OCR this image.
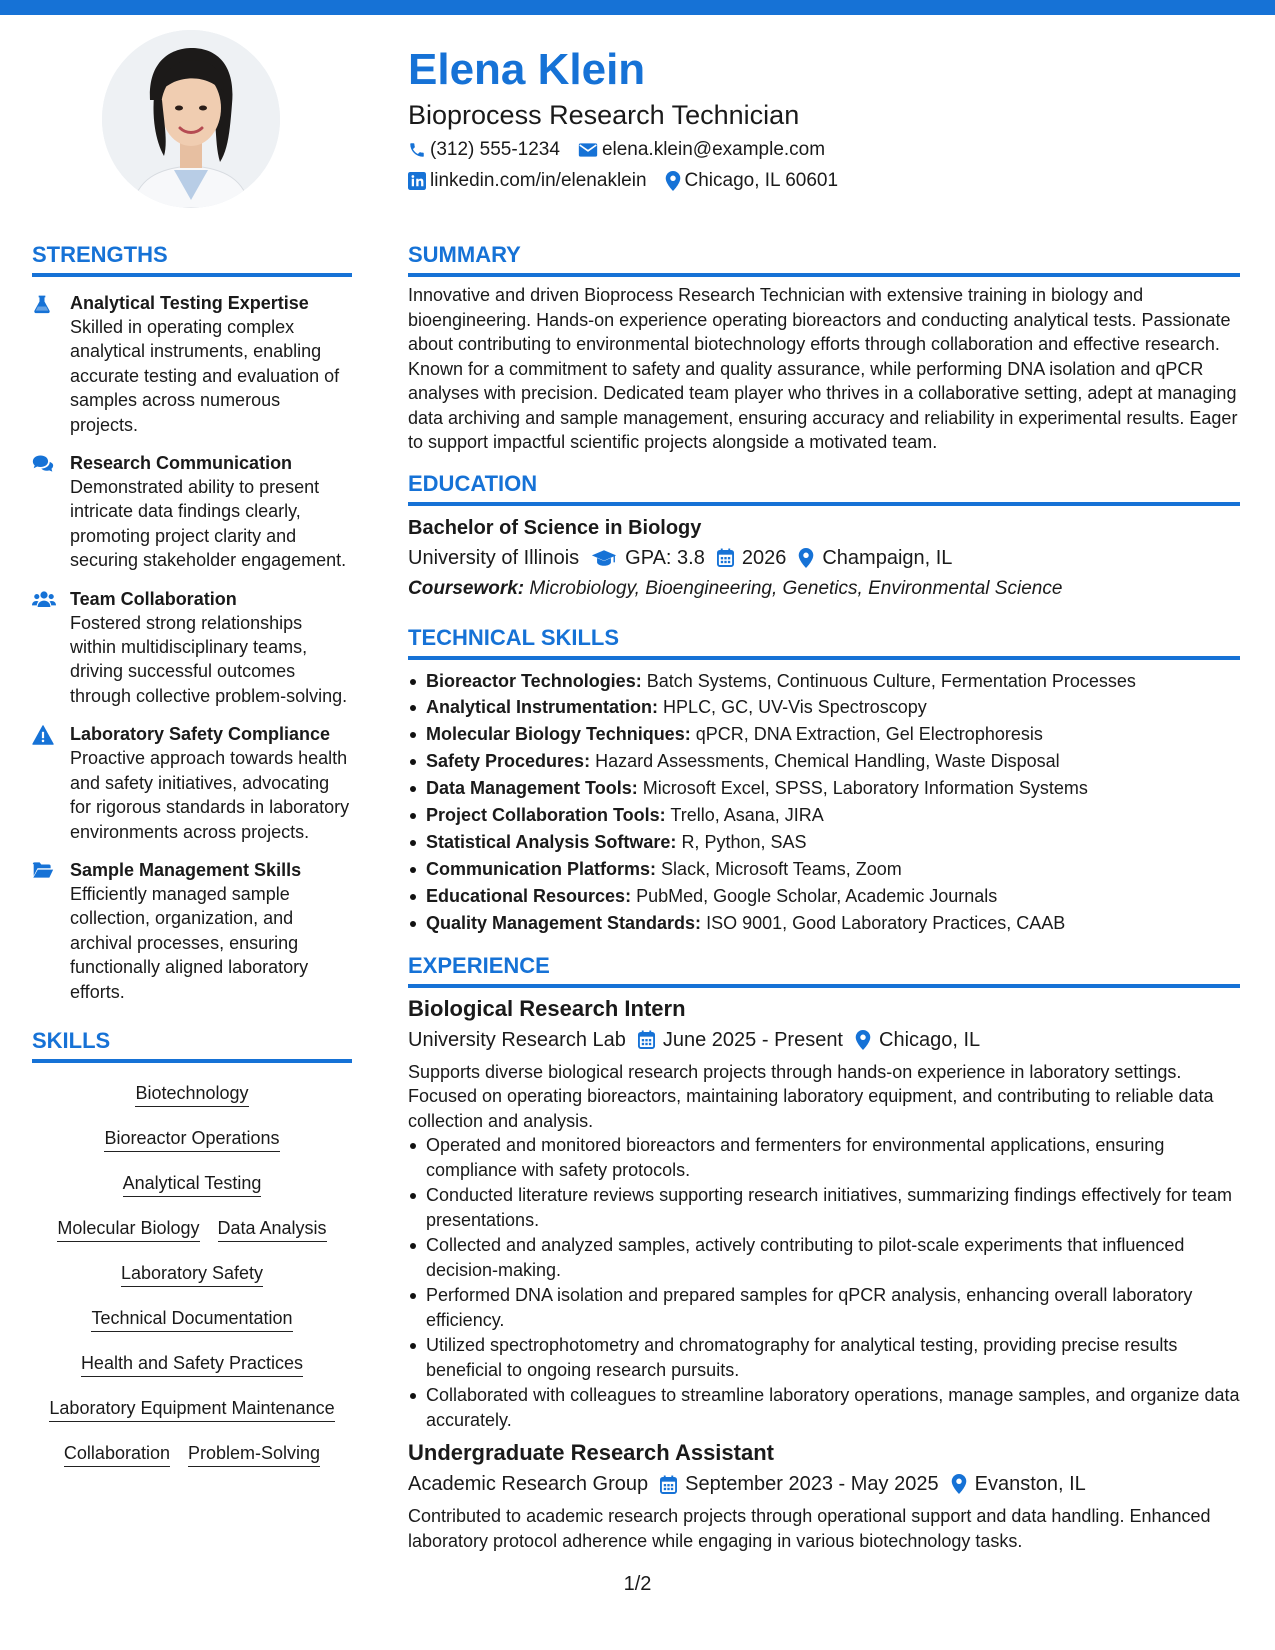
Elena Klein
Bioprocess Research Technician
(312) 555-1234 elena.klein@example.com
linkedin.com/in/elenaklein Chicago, IL 60601
STRENGTHS
Analytical Testing Expertise
Skilled in operating complex analytical instruments, enabling accurate testing and evaluation of samples across numerous projects.
Research Communication
Demonstrated ability to present intricate data findings clearly, promoting project clarity and securing stakeholder engagement.
Team Collaboration
Fostered strong relationships within multidisciplinary teams, driving successful outcomes through collective problem-solving.
Laboratory Safety Compliance
Proactive approach towards health and safety initiatives, advocating for rigorous standards in laboratory environments across projects.
Sample Management Skills
Efficiently managed sample collection, organization, and archival processes, ensuring functionally aligned laboratory efforts.
SKILLS
Biotechnology
Bioreactor Operations
Analytical Testing
Molecular Biology Data Analysis
Laboratory Safety
Technical Documentation
Health and Safety Practices
Laboratory Equipment Maintenance
Collaboration Problem-Solving
SUMMARY
Innovative and driven Bioprocess Research Technician with extensive training in biology and bioengineering. Hands-on experience operating bioreactors and conducting analytical tests. Passionate about contributing to environmental biotechnology efforts through collaboration and effective research. Known for a commitment to safety and quality assurance, while performing DNA isolation and qPCR analyses with precision. Dedicated team player who thrives in a collaborative setting, adept at managing data archiving and sample management, ensuring accuracy and reliability in experimental results. Eager to support impactful scientific projects alongside a motivated team.
EDUCATION
Bachelor of Science in Biology
University of Illinois GPA: 3.8 2026 Champaign, IL
Coursework: Microbiology, Bioengineering, Genetics, Environmental Science
TECHNICAL SKILLS
Bioreactor Technologies: Batch Systems, Continuous Culture, Fermentation Processes
Analytical Instrumentation: HPLC, GC, UV-Vis Spectroscopy
Molecular Biology Techniques: qPCR, DNA Extraction, Gel Electrophoresis
Safety Procedures: Hazard Assessments, Chemical Handling, Waste Disposal
Data Management Tools: Microsoft Excel, SPSS, Laboratory Information Systems
Project Collaboration Tools: Trello, Asana, JIRA
Statistical Analysis Software: R, Python, SAS
Communication Platforms: Slack, Microsoft Teams, Zoom
Educational Resources: PubMed, Google Scholar, Academic Journals
Quality Management Standards: ISO 9001, Good Laboratory Practices, CAAB
EXPERIENCE
Biological Research Intern
University Research Lab June 2025 - Present Chicago, IL
Supports diverse biological research projects through hands-on experience in laboratory settings. Focused on operating bioreactors, maintaining laboratory equipment, and contributing to reliable data collection and analysis.
Operated and monitored bioreactors and fermenters for environmental applications, ensuring compliance with safety protocols.
Conducted literature reviews supporting research initiatives, summarizing findings effectively for team presentations.
Collected and analyzed samples, actively contributing to pilot-scale experiments that influenced decision-making.
Performed DNA isolation and prepared samples for qPCR analysis, enhancing overall laboratory efficiency.
Utilized spectrophotometry and chromatography for analytical testing, providing precise results beneficial to ongoing research pursuits.
Collaborated with colleagues to streamline laboratory operations, manage samples, and organize data accurately.
Undergraduate Research Assistant
Academic Research Group September 2023 - May 2025 Evanston, IL
Contributed to academic research projects through operational support and data handling. Enhanced laboratory protocol adherence while engaging in various biotechnology tasks.
1/2
